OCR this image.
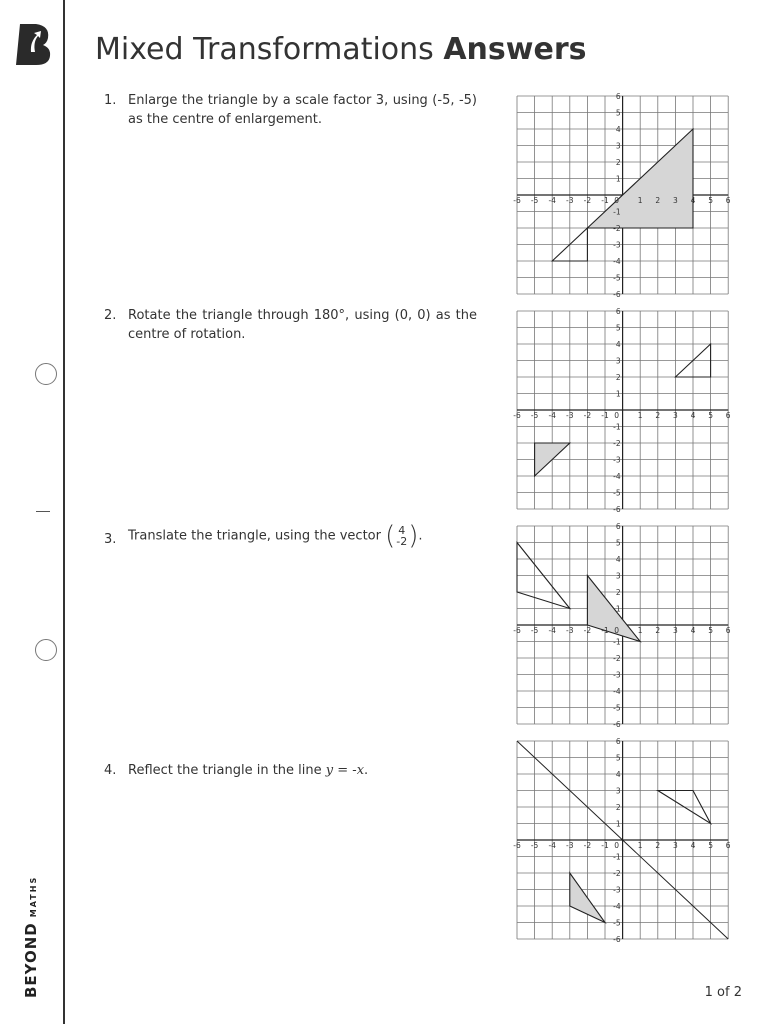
BEYOND
MATHS
Mixed Transformations Answers
1. Enlarge the triangle by a scale factor 3, using (-5, -5) as the centre of enlargement.
2. Rotate the triangle through 180°, using (0, 0) as the centre of rotation.
3. Translate the triangle, using the vector ( 4
-2 ) .
4. Reflect the triangle in the line y = -x.
-6 -5 -4 -3 -2 -1 0	1 2 3 4 5 6
6
5
4
3
2
1
-1
-2
-3
-4
-5
-6
-6 -5 -4 -3 -2 -1 0	1 2 3 4 5 6
6
5
4
3
2
1
-1
-2
-3
-4
-5
-6
-6 -5 -4 -3 -2 -1 0	1 2 3 4 5 6
6
5
4
3
2
1
-1
-2
-3
-4
-5
-6
-6 -5 -4 -3 -2 -1 0	1 2 3 4 5 6
6
5
4
3
2
1
-1
-2
-3
-4
-5
-6
1 of 2
